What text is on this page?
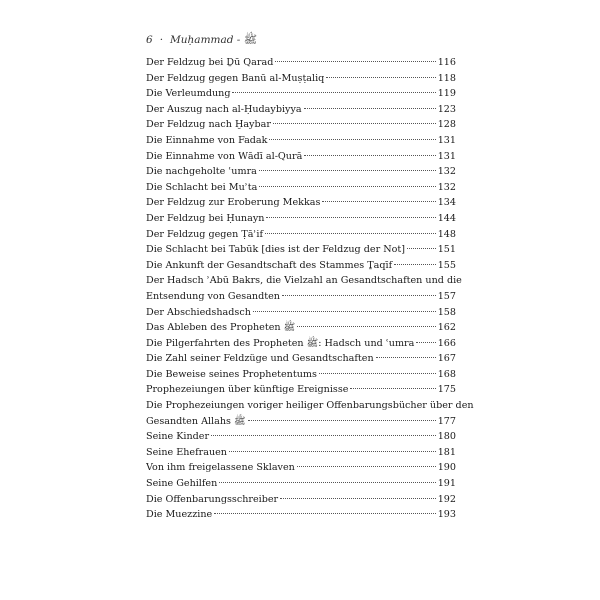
6 · Muḥammad - ﷺ
Der Feldzug bei Ḏū Qarad	116
Der Feldzug gegen Banū al-Muṣṭaliq	118
Die Verleumdung	119
Der Auszug nach al-Ḥudaybiyya	123
Der Feldzug nach Ḫaybar	128
Die Einnahme von Fadak	131
Die Einnahme von Wādī al-Qurā	131
Die nachgeholte ʿumra	132
Die Schlacht bei Muʾta	132
Der Feldzug zur Eroberung Mekkas	134
Der Feldzug bei Ḥunayn	144
Der Feldzug gegen Ṭāʾif	148
Die Schlacht bei Tabūk [dies ist der Feldzug der Not]	151
Die Ankunft der Gesandtschaft des Stammes Ṯaqīf	155
Der Hadsch ʾAbū Bakrs, die Vielzahl an Gesandtschaften und die
Entsendung von Gesandten	157
Der Abschiedshadsch	158
Das Ableben des Propheten ﷺ	162
Die Pilgerfahrten des Propheten ﷺ: Hadsch und ʿumra 166
Die Zahl seiner Feldzüge und Gesandtschaften	167
Die Beweise seines Prophetentums	168
Prophezeiungen über künftige Ereignisse	175
Die Prophezeiungen voriger heiliger Offenbarungsbücher über den
Gesandten Allahs ﷺ	177
Seine Kinder	180
Seine Ehefrauen	181
Von ihm freigelassene Sklaven	190
Seine Gehilfen	191
Die Offenbarungsschreiber	192
Die Muezzine	193
